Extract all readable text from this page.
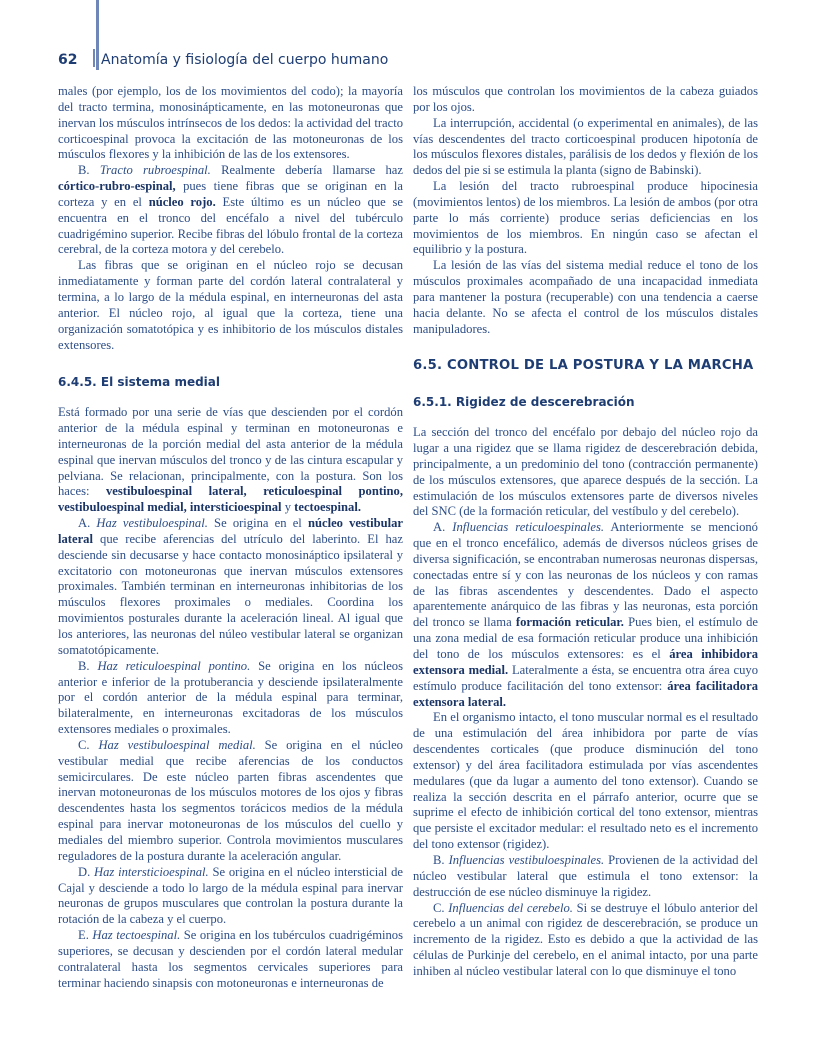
62 Anatomía y fisiología del cuerpo humano

males (por ejemplo, los de los movimientos del codo); la mayoría del tracto termina, monosinápticamente, en las motoneuronas que inervan los músculos intrínsecos de los dedos: la actividad del tracto corticoespinal provoca la excitación de las motoneuronas de los músculos flexores y la inhibición de las de los extensores.

B. Tracto rubroespinal. Realmente debería llamarse haz córtico-rubro-espinal, pues tiene fibras que se originan en la corteza y en el núcleo rojo. Este último es un núcleo que se encuentra en el tronco del encéfalo a nivel del tubérculo cuadrigémino superior. Recibe fibras del lóbulo frontal de la corteza cerebral, de la corteza motora y del cerebelo.

Las fibras que se originan en el núcleo rojo se decusan inmediatamente y forman parte del cordón lateral contralateral y termina, a lo largo de la médula espinal, en interneuronas del asta anterior. El núcleo rojo, al igual que la corteza, tiene una organización somatotópica y es inhibitorio de los músculos distales extensores.

6.4.5. El sistema medial

Está formado por una serie de vías que descienden por el cordón anterior de la médula espinal y terminan en motoneuronas e interneuronas de la porción medial del asta anterior de la médula espinal que inervan músculos del tronco y de las cintura escapular y pelviana. Se relacionan, principalmente, con la postura. Son los haces: vestibuloespinal lateral, reticuloespinal pontino, vestibuloespinal medial, intersticioespinal y tectoespinal.

A. Haz vestibuloespinal. Se origina en el núcleo vestibular lateral que recibe aferencias del utrículo del laberinto. El haz desciende sin decusarse y hace contacto monosináptico ipsilateral y excitatorio con motoneuronas que inervan músculos extensores proximales. También terminan en interneuronas inhibitorias de los músculos flexores proximales o mediales. Coordina los movimientos posturales durante la aceleración lineal. Al igual que los anteriores, las neuronas del núleo vestibular lateral se organizan somatotópicamente.

B. Haz reticuloespinal pontino. Se origina en los núcleos anterior e inferior de la protuberancia y desciende ipsilateralmente por el cordón anterior de la médula espinal para terminar, bilateralmente, en interneuronas excitadoras de los músculos extensores mediales o proximales.

C. Haz vestibuloespinal medial. Se origina en el núcleo vestibular medial que recibe aferencias de los conductos semicirculares. De este núcleo parten fibras ascendentes que inervan motoneuronas de los músculos motores de los ojos y fibras descendentes hasta los segmentos torácicos medios de la médula espinal para inervar motoneuronas de los músculos del cuello y mediales del miembro superior. Controla movimientos musculares reguladores de la postura durante la aceleración angular.

D. Haz intersticioespinal. Se origina en el núcleo intersticial de Cajal y desciende a todo lo largo de la médula espinal para inervar neuronas de grupos musculares que controlan la postura durante la rotación de la cabeza y el cuerpo.

E. Haz tectoespinal. Se origina en los tubérculos cuadrigéminos superiores, se decusan y descienden por el cordón lateral medular contralateral hasta los segmentos cervicales superiores para terminar haciendo sinapsis con motoneuronas e interneuronas de

los músculos que controlan los movimientos de la cabeza guiados por los ojos.

La interrupción, accidental (o experimental en animales), de las vías descendentes del tracto corticoespinal producen hipotonía de los músculos flexores distales, parálisis de los dedos y flexión de los dedos del pie si se estimula la planta (signo de Babinski).

La lesión del tracto rubroespinal produce hipocinesia (movimientos lentos) de los miembros. La lesión de ambos (por otra parte lo más corriente) produce serias deficiencias en los movimientos de los miembros. En ningún caso se afectan el equilibrio y la postura.

La lesión de las vías del sistema medial reduce el tono de los músculos proximales acompañado de una incapacidad inmediata para mantener la postura (recuperable) con una tendencia a caerse hacia delante. No se afecta el control de los músculos distales manipuladores.

6.5. CONTROL DE LA POSTURA Y LA MARCHA
6.5.1. Rigidez de descerebración

La sección del tronco del encéfalo por debajo del núcleo rojo da lugar a una rigidez que se llama rigidez de descerebración debida, principalmente, a un predominio del tono (contracción permanente) de los músculos extensores, que aparece después de la sección. La estimulación de los músculos extensores parte de diversos niveles del SNC (de la formación reticular, del vestíbulo y del cerebelo).

A. Influencias reticuloespinales. Anteriormente se mencionó que en el tronco encefálico, además de diversos núcleos grises de diversa significación, se encontraban numerosas neuronas dispersas, conectadas entre sí y con las neuronas de los núcleos y con ramas de las fibras ascendentes y descendentes. Dado el aspecto aparentemente anárquico de las fibras y las neuronas, esta porción del tronco se llama formación reticular. Pues bien, el estímulo de una zona medial de esa formación reticular produce una inhibición del tono de los músculos extensores: es el área inhibidora extensora medial. Lateralmente a ésta, se encuentra otra área cuyo estímulo produce facilitación del tono extensor: área facilitadora extensora lateral.

En el organismo intacto, el tono muscular normal es el resultado de una estimulación del área inhibidora por parte de vías descendentes corticales (que produce disminución del tono extensor) y del área facilitadora estimulada por vías ascendentes medulares (que da lugar a aumento del tono extensor). Cuando se realiza la sección descrita en el párrafo anterior, ocurre que se suprime el efecto de inhibición cortical del tono extensor, mientras que persiste el excitador medular: el resultado neto es el incremento del tono extensor (rigidez).

B. Influencias vestibuloespinales. Provienen de la actividad del núcleo vestibular lateral que estimula el tono extensor: la destrucción de ese núcleo disminuye la rigidez.

C. Influencias del cerebelo. Si se destruye el lóbulo anterior del cerebelo a un animal con rigidez de descerebración, se produce un incremento de la rigidez. Esto es debido a que la actividad de las células de Purkinje del cerebelo, en el animal intacto, por una parte inhiben al núcleo vestibular lateral con lo que disminuye el tono
